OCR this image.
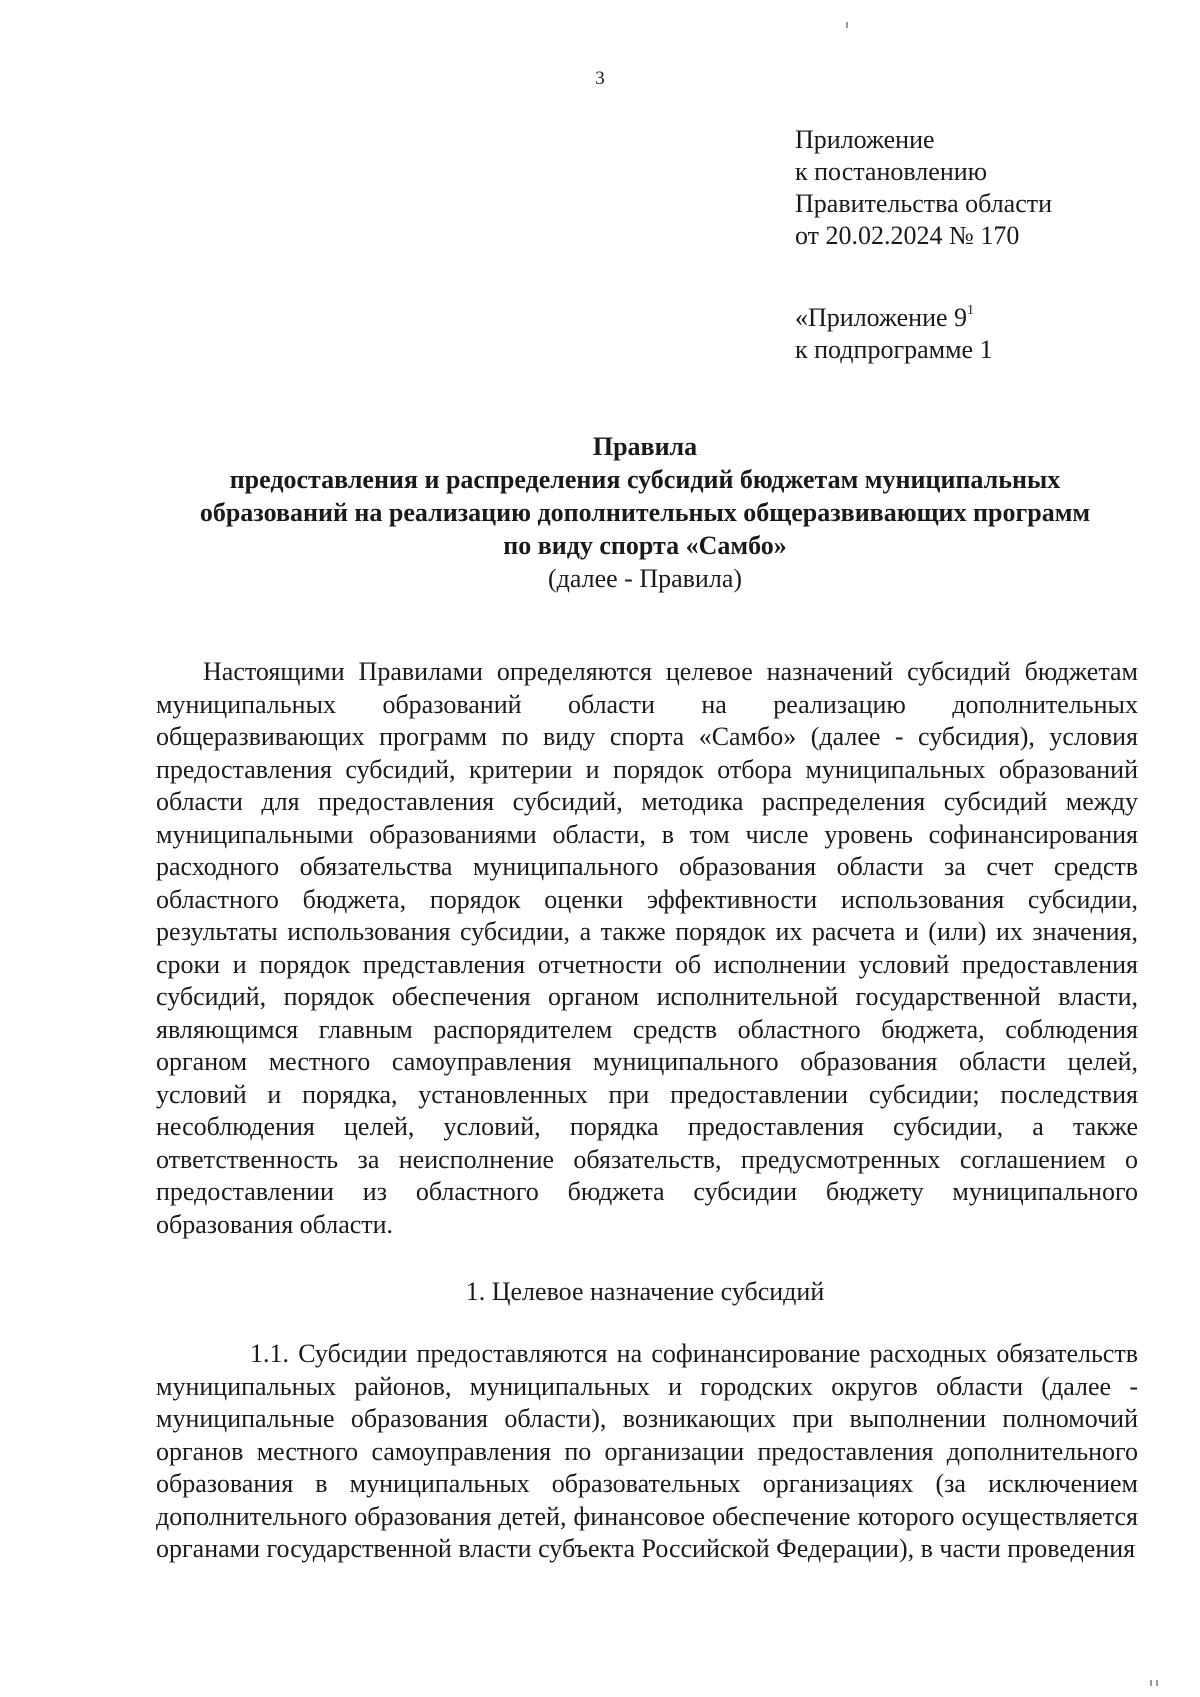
3
Приложение
к постановлению
Правительства области
от 20.02.2024 № 170
«Приложение $9^1$
к подпрограмме 1
Правила
предоставления и распределения субсидий бюджетам муниципальных
образований на реализацию дополнительных общеразвивающих программ
по виду спорта «Самбо»
(далее - Правила)
Настоящими Правилами определяются целевое назначений субсидий бюджетам муниципальных образований области на реализацию дополнительных общеразвивающих программ по виду спорта «Самбо» (далее - субсидия), условия предоставления субсидий, критерии и порядок отбора муниципальных образований области для предоставления субсидий, методика распределения субсидий между муниципальными образованиями области, в том числе уровень софинансирования расходного обязательства муниципального образования области за счет средств областного бюджета, порядок оценки эффективности использования субсидии, результаты использования субсидии, а также порядок их расчета и (или) их значения, сроки и порядок представления отчетности об исполнении условий предоставления субсидий, порядок обеспечения органом исполнительной государственной власти, являющимся главным распорядителем средств областного бюджета, соблюдения органом местного самоуправления муниципального образования области целей, условий и порядка, установленных при предоставлении субсидии; последствия несоблюдения целей, условий, порядка предоставления субсидии, а также ответственность за неисполнение обязательств, предусмотренных соглашением о предоставлении из областного бюджета субсидии бюджету муниципального образования области.
1. Целевое назначение субсидий
1.1. Субсидии предоставляются на софинансирование расходных обязательств муниципальных районов, муниципальных и городских округов области (далее - муниципальные образования области), возникающих при выполнении полномочий органов местного самоуправления по организации предоставления дополнительного образования в муниципальных образовательных организациях (за исключением дополнительного образования детей, финансовое обеспечение которого осуществляется органами государственной власти субъекта Российской Федерации), в части проведения
